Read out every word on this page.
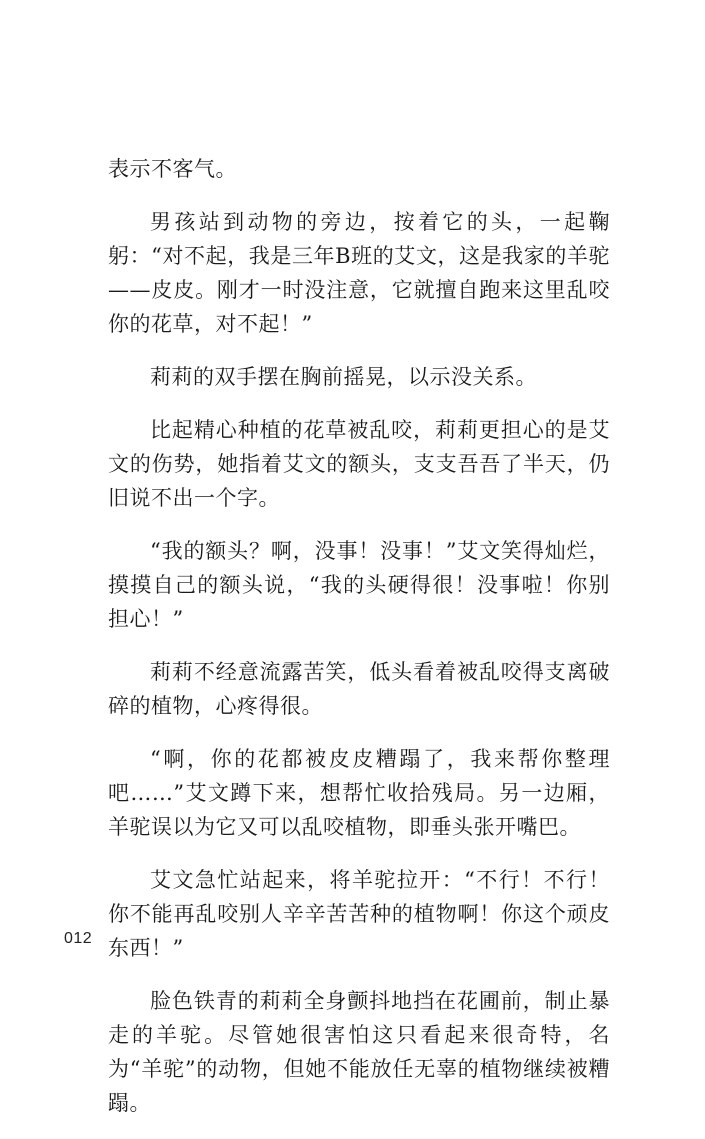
表示不客气。

男孩站到动物的旁边，按着它的头，一起鞠躬：“对不起，我是三年B班的艾文，这是我家的羊驼——皮皮。刚才一时没注意，它就擅自跑来这里乱咬你的花草，对不起！”

莉莉的双手摆在胸前摇晃，以示没关系。

比起精心种植的花草被乱咬，莉莉更担心的是艾文的伤势，她指着艾文的额头，支支吾吾了半天，仍旧说不出一个字。

“我的额头？啊，没事！没事！”艾文笑得灿烂，摸摸自己的额头说，“我的头硬得很！没事啦！你别担心！”

莉莉不经意流露苦笑，低头看着被乱咬得支离破碎的植物，心疼得很。

“啊，你的花都被皮皮糟蹋了，我来帮你整理吧……”艾文蹲下来，想帮忙收拾残局。另一边厢，羊驼误以为它又可以乱咬植物，即垂头张开嘴巴。

艾文急忙站起来，将羊驼拉开：“不行！不行！你不能再乱咬别人辛辛苦苦种的植物啊！你这个顽皮东西！”

脸色铁青的莉莉全身颤抖地挡在花圃前，制止暴走的羊驼。尽管她很害怕这只看起来很奇特，名为“羊驼”的动物，但她不能放任无辜的植物继续被糟蹋。

012
